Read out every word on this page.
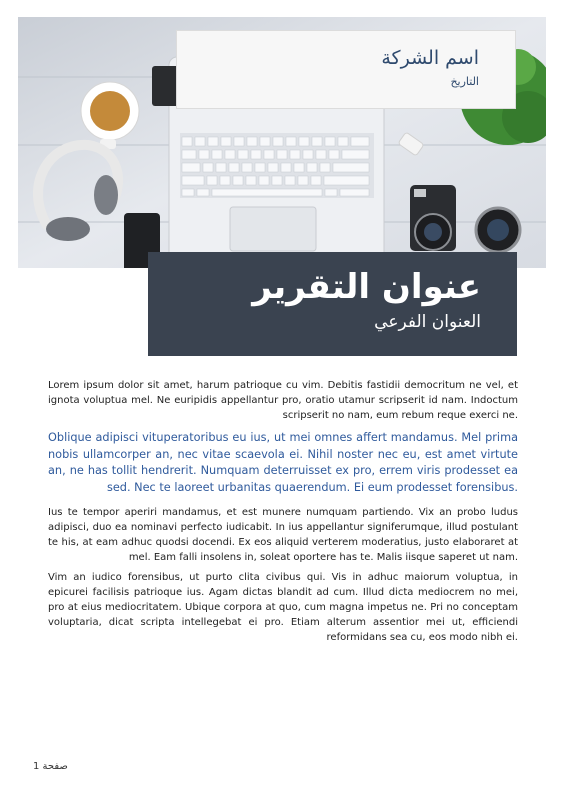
اسم الشركة
التاريخ
عنوان التقرير
العنوان الفرعي
Lorem ipsum dolor sit amet, harum patrioque cu vim. Debitis fastidii democritum ne vel, et ignota voluptua mel. Ne euripidis appellantur pro, oratio utamur scripserit id nam. Indoctum scripserit no nam, eum rebum reque exerci ne.
Oblique adipisci vituperatoribus eu ius, ut mei omnes affert mandamus. Mel prima nobis ullamcorper an, nec vitae scaevola ei. Nihil noster nec eu, est amet virtute an, ne has tollit hendrerit. Numquam deterruisset ex pro, errem viris prodesset ea sed. Nec te laoreet urbanitas quaerendum. Ei eum prodesset forensibus.
Ius te tempor aperiri mandamus, et est munere numquam partiendo. Vix an probo ludus adipisci, duo ea nominavi perfecto iudicabit. In ius appellantur signiferumque, illud postulant te his, at eam adhuc quodsi docendi. Ex eos aliquid verterem moderatius, justo elaboraret at mel. Eam falli insolens in, soleat oportere has te. Malis iisque saperet ut nam.
Vim an iudico forensibus, ut purto clita civibus qui. Vis in adhuc maiorum voluptua, in epicurei facilisis patrioque ius. Agam dictas blandit ad cum. Illud dicta mediocrem no mei, pro at eius mediocritatem. Ubique corpora at quo, cum magna impetus ne. Pri no conceptam voluptaria, dicat scripta intellegebat ei pro. Etiam alterum assentior mei ut, efficiendi reformidans sea cu, eos modo nibh ei.
صفحة 1
